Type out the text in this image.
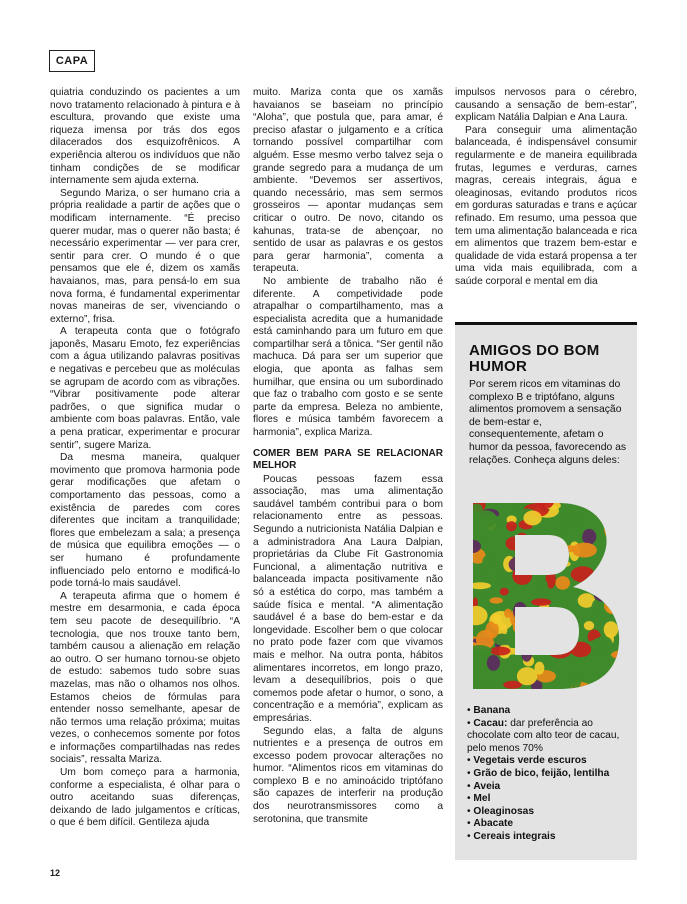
CAPA

quiatria conduzindo os pacientes a um novo tratamento relacionado à pintura e à escultura, provando que existe uma riqueza imensa por trás dos egos dilacerados dos esquizofrênicos. A experiência alterou os indivíduos que não tinham condições de se modificar internamente sem ajuda externa.

Segundo Mariza, o ser humano cria a própria realidade a partir de ações que o modificam internamente. “É preciso querer mudar, mas o querer não basta; é necessário experimentar — ver para crer, sentir para crer. O mundo é o que pensamos que ele é, dizem os xamãs havaianos, mas, para pensá-lo em sua nova forma, é fundamental experimentar novas maneiras de ser, vivenciando o externo”, frisa.

A terapeuta conta que o fotógrafo japonês, Masaru Emoto, fez experiências com a água utilizando palavras positivas e negativas e percebeu que as moléculas se agrupam de acordo com as vibrações. “Vibrar positivamente pode alterar padrões, o que significa mudar o ambiente com boas palavras. Então, vale a pena praticar, experimentar e procurar sentir”, sugere Mariza.

Da mesma maneira, qualquer movimento que promova harmonia pode gerar modificações que afetam o comportamento das pessoas, como a existência de paredes com cores diferentes que incitam a tranquilidade; flores que embelezam a sala; a presença de música que equilibra emoções — o ser humano é profundamente influenciado pelo entorno e modificá-lo pode torná-lo mais saudável.

A terapeuta afirma que o homem é mestre em desarmonia, e cada época tem seu pacote de desequilíbrio. “A tecnologia, que nos trouxe tanto bem, também causou a alienação em relação ao outro. O ser humano tornou-se objeto de estudo: sabemos tudo sobre suas mazelas, mas não o olhamos nos olhos. Estamos cheios de fórmulas para entender nosso semelhante, apesar de não termos uma relação próxima; muitas vezes, o conhecemos somente por fotos e informações compartilhadas nas redes sociais”, ressalta Mariza.

Um bom começo para a harmonia, conforme a especialista, é olhar para o outro aceitando suas diferenças, deixando de lado julgamentos e críticas, o que é bem difícil. Gentileza ajuda

muito. Mariza conta que os xamãs havaianos se baseiam no princípio “Aloha”, que postula que, para amar, é preciso afastar o julgamento e a crítica tornando possível compartilhar com alguém. Esse mesmo verbo talvez seja o grande segredo para a mudança de um ambiente. “Devemos ser assertivos, quando necessário, mas sem sermos grosseiros — apontar mudanças sem criticar o outro. De novo, citando os kahunas, trata-se de abençoar, no sentido de usar as palavras e os gestos para gerar harmonia”, comenta a terapeuta.

No ambiente de trabalho não é diferente. A competividade pode atrapalhar o compartilhamento, mas a especialista acredita que a humanidade está caminhando para um futuro em que compartilhar será a tônica. “Ser gentil não machuca. Dá para ser um superior que elogia, que aponta as falhas sem humilhar, que ensina ou um subordinado que faz o trabalho com gosto e se sente parte da empresa. Beleza no ambiente, flores e música também favorecem a harmonia”, explica Mariza.

COMER BEM PARA SE RELACIONAR MELHOR

Poucas pessoas fazem essa associação, mas uma alimentação saudável também contribui para o bom relacionamento entre as pessoas. Segundo a nutricionista Natália Dalpian e a administradora Ana Laura Dalpian, proprietárias da Clube Fit Gastronomia Funcional, a alimentação nutritiva e balanceada impacta positivamente não só a estética do corpo, mas também a saúde física e mental. “A alimentação saudável é a base do bem-estar e da longevidade. Escolher bem o que colocar no prato pode fazer com que vivamos mais e melhor. Na outra ponta, hábitos alimentares incorretos, em longo prazo, levam a desequilíbrios, pois o que comemos pode afetar o humor, o sono, a concentração e a memória”, explicam as empresárias.

Segundo elas, a falta de alguns nutrientes e a presença de outros em excesso podem provocar alterações no humor. “Alimentos ricos em vitaminas do complexo B e no aminoácido triptófano são capazes de interferir na produção dos neurotransmissores como a serotonina, que transmite

impulsos nervosos para o cérebro, causando a sensação de bem-estar”, explicam Natália Dalpian e Ana Laura.

Para conseguir uma alimentação balanceada, é indispensável consumir regularmente e de maneira equilibrada frutas, legumes e verduras, carnes magras, cereais integrais, água e oleaginosas, evitando produtos ricos em gorduras saturadas e trans e açúcar refinado. Em resumo, uma pessoa que tem uma alimentação balanceada e rica em alimentos que trazem bem-estar e qualidade de vida estará propensa a ter uma vida mais equilibrada, com a saúde corporal e mental em dia

AMIGOS DO BOM HUMOR
Por serem ricos em vitaminas do complexo B e triptófano, alguns alimentos promovem a sensação de bem-estar e, consequentemente, afetam o humor da pessoa, favorecendo as relações. Conheça alguns deles:
• Banana
• Cacau: dar preferência ao chocolate com alto teor de cacau, pelo menos 70%
• Vegetais verde escuros
• Grão de bico, feijão, lentilha
• Aveia
• Mel
• Oleaginosas
• Abacate
• Cereais integrais
12
